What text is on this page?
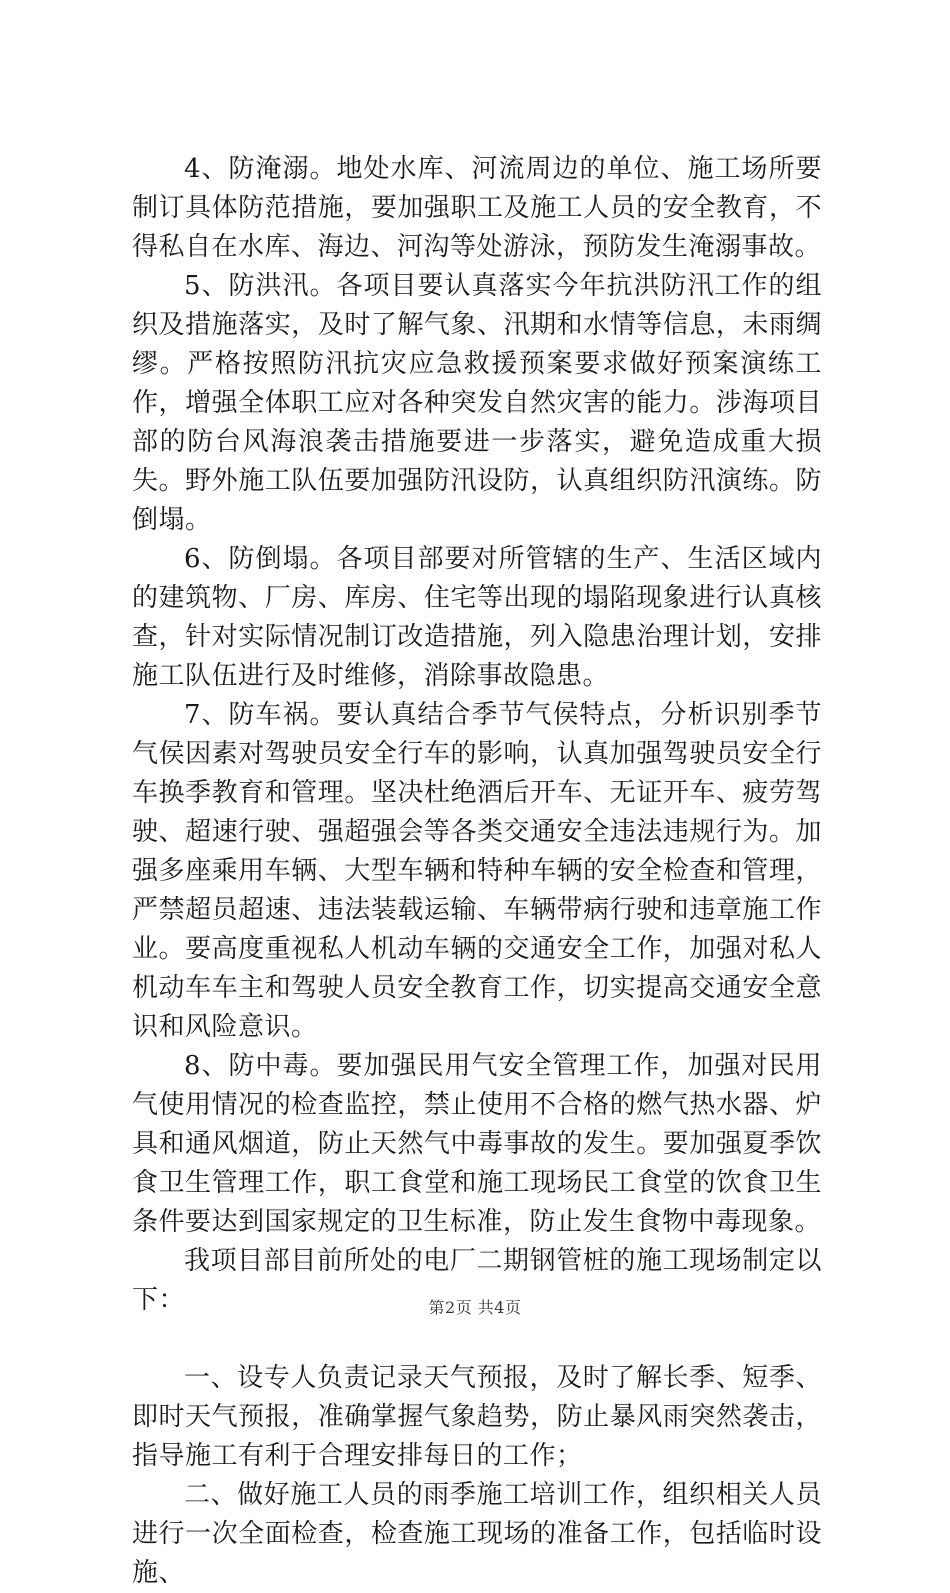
4、防淹溺。地处水库、河流周边的单位、施工场所要制订具体防范措施，要加强职工及施工人员的安全教育，不得私自在水库、海边、河沟等处游泳，预防发生淹溺事故。

5、防洪汛。各项目要认真落实今年抗洪防汛工作的组织及措施落实，及时了解气象、汛期和水情等信息，未雨绸缪。严格按照防汛抗灾应急救援预案要求做好预案演练工作，增强全体职工应对各种突发自然灾害的能力。涉海项目部的防台风海浪袭击措施要进一步落实，避免造成重大损失。野外施工队伍要加强防汛设防，认真组织防汛演练。防倒塌。

6、防倒塌。各项目部要对所管辖的生产、生活区域内的建筑物、厂房、库房、住宅等出现的塌陷现象进行认真核查，针对实际情况制订改造措施，列入隐患治理计划，安排施工队伍进行及时维修，消除事故隐患。

7、防车祸。要认真结合季节气侯特点，分析识别季节气侯因素对驾驶员安全行车的影响，认真加强驾驶员安全行车换季教育和管理。坚决杜绝酒后开车、无证开车、疲劳驾驶、超速行驶、强超强会等各类交通安全违法违规行为。加强多座乘用车辆、大型车辆和特种车辆的安全检查和管理，严禁超员超速、违法装载运输、车辆带病行驶和违章施工作业。要高度重视私人机动车辆的交通安全工作，加强对私人机动车车主和驾驶人员安全教育工作，切实提高交通安全意识和风险意识。

8、防中毒。要加强民用气安全管理工作，加强对民用气使用情况的检查监控，禁止使用不合格的燃气热水器、炉具和通风烟道，防止天然气中毒事故的发生。要加强夏季饮食卫生管理工作，职工食堂和施工现场民工食堂的饮食卫生条件要达到国家规定的卫生标准，防止发生食物中毒现象。

我项目部目前所处的电厂二期钢管桩的施工现场制定以下：

一、设专人负责记录天气预报，及时了解长季、短季、即时天气预报，准确掌握气象趋势，防止暴风雨突然袭击，指导施工有利于合理安排每日的工作；

二、做好施工人员的雨季施工培训工作，组织相关人员进行一次全面检查，检查施工现场的准备工作，包括临时设施、

第2页 共4页
